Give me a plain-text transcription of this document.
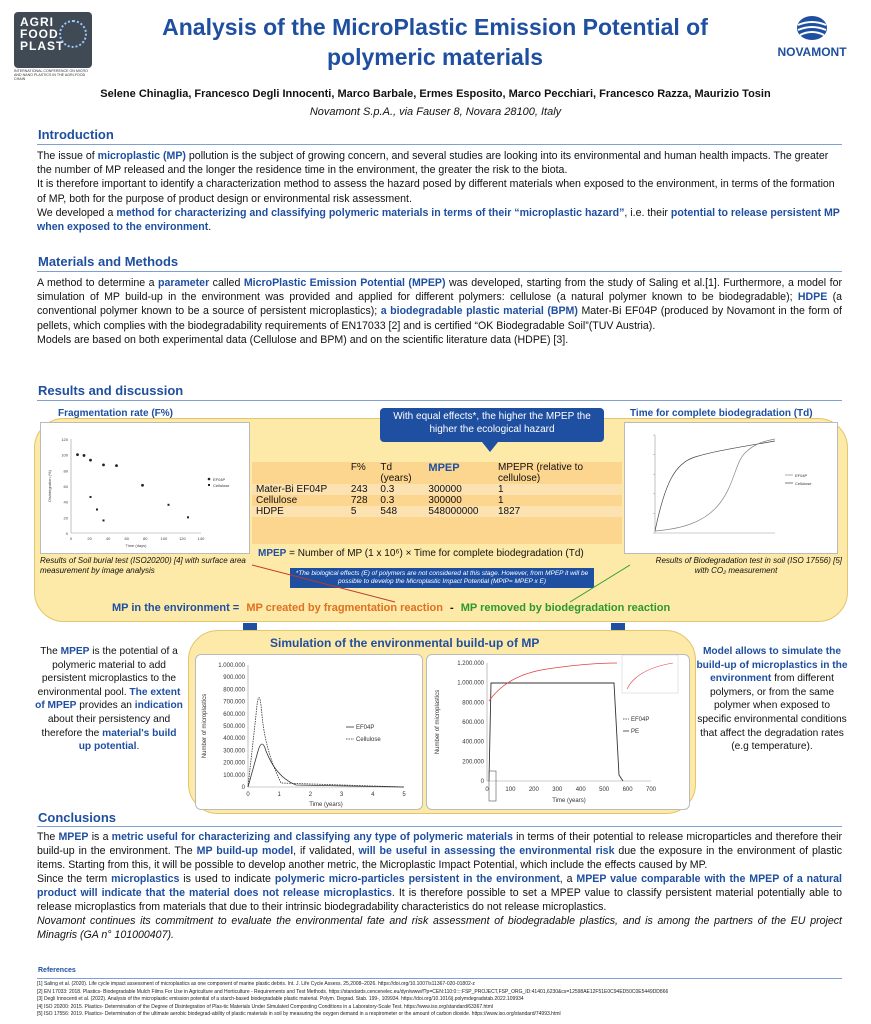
AGRI
FOOD
PLAST
INTERNATIONAL CONFERENCE ON MICRO AND NANO PLASTICS IN THE AGRI-FOOD CHAIN
Analysis of the MicroPlastic Emission Potential of
polymeric materials	NOVAMONT
Selene Chinaglia, Francesco Degli Innocenti, Marco Barbale, Ermes Esposito, Marco Pecchiari, Francesco Razza, Maurizio Tosin
Novamont S.p.A., via Fauser 8, Novara 28100, Italy
Introduction

The issue of microplastic (MP) pollution is the subject of growing concern, and several studies are looking into its environmental and human health impacts. The greater the number of MP released and the longer the residence time in the environment, the greater the risk to the biota.

It is therefore important to identify a characterization method to assess the hazard posed by different materials when exposed to the environment, in terms of the formation of MP, both for the purpose of product design or environmental risk assessment.

We developed a method for characterizing and classifying polymeric materials in terms of their “microplastic hazard”, i.e. their potential to release persistent MP when exposed to the environment.

Materials and Methods

A method to determine a parameter called MicroPlastic Emission Potential (MPEP) was developed, starting from the study of Saling et al.[1]. Furthermore, a model for simulation of MP build-up in the environment was provided and applied for different polymers: cellulose (a natural polymer known to be biodegradable); HDPE (a conventional polymer known to be a source of persistent microplastics); a biodegradable plastic material (BPM) Mater-Bi EF04P (produced by Novamont in the form of pellets, which complies with the biodegradability requirements of EN17033 [2] and is certified “OK Biodegradable Soil”(TUV Austria).

Models are based on both experimental data (Cellulose and BPM) and on the scientific literature data (HDPE) [3].

Results and discussion
Fragmentation rate (F%)
120
100
80
60
40
20
0
0	20	40	60	80	100	120	140
Time (days)
Disintegration (%)	EF04P
Cellulose
Results of Soil burial test (ISO20200) [4] with surface area measurement by image analysis
With equal effects*, the higher the MPEP the higher the ecological hazard
	F%	Td (years)	MPEP	MPEPR (relative to cellulose)
Mater-Bi EF04P	243	0.3	300000	1
Cellulose	728	0.3	300000	1
HDPE	5	548	548000000	1827
MPEP = Number of MP (1 x 10⁶) × Time for complete biodegradation (Td)
*The biological effects (E) of polymers are not considered at this stage. However, from MPEP it will be possible to develop the Microplastic Impact Potential (MPIP= MPEP x E)
Time for complete biodegradation (Td)
EF04P
Cellulose
Results of Biodegradation test in soil (ISO 17556) [5]
with CO₂ measurement
MP in the environment = MP created by fragmentation reaction - MP removed by biodegradation reaction
Simulation of the environmental build-up of MP
1.000.000
900.000
800.000
700.000
600.000
500.000
400.000
300.000
200.000
100.000
0
0	1	2	3	4	5
Time (years)
Number of microplastics	EF04P
Cellulose
1.200.000
1.000.000
800.000
600.000
400.000
200.000
0
0	100 200 300 400 500 600 700
Time (years)
Number of microplastics	EF04P
PE
The MPEP is the potential of a polymeric material to add persistent microplastics to the environmental pool. The extent of MPEP provides an indication about their persistency and therefore the material's build up potential.
Model allows to simulate the build-up of microplastics in the environment from different polymers, or from the same polymer when exposed to specific environmental conditions that affect the degradation rates (e.g temperature).
Conclusions

The MPEP is a metric useful for characterizing and classifying any type of polymeric materials in terms of their potential to release microparticles and therefore their build-up in the environment. The MP build-up model, if validated, will be useful in assessing the environmental risk due the exposure in the environment of plastic items. Starting from this, it will be possible to develop another metric, the Microplastic Impact Potential, which include the effects caused by MP.

Since the term microplastics is used to indicate polymeric micro-particles persistent in the environment, a MPEP value comparable with the MPEP of a natural product will indicate that the material does not release microplastics. It is therefore possible to set a MPEP value to classify persistent material potentially able to release microplastics from materials that due to their intrinsic biodegradability characteristics do not release microplastics.

Novamont continues its commitment to evaluate the environmental fate and risk assessment of biodegradable plastics, and is among the partners of the EU project Minagris (GA n° 101000407).

References
[1] Saling et al. (2020). Life cycle impact assessment of microplastics as one component of marine plastic debris. Int. J. Life Cycle Assess. 25,2008–2026. https://doi.org/10.1007/s11367-020-01802-z
[2] EN 17033: 2018. Plastics- Biodegradable Mulch Films For Use in Agriculture and Horticulture - Requirements and Test Methods. https://standards.cencenelec.eu/dyn/www/f?p=CEN:110:0::::FSP_PROJECT,FSP_ORG_ID:41401,6230&cs=12598AE12F51E0C94ED50C0E5449DD866
[3] Degli Innocenti et al. (2022). Analysis of the microplastic emission potential of a starch-based biodegradable plastic material. Polym. Degrad. Stab. 199-, 109934. https://doi.org/10.1016/j.polymdegradstab.2022.109934
[4] ISO 20200: 2015. Plastics- Determination of the Degree of Disintegration of Plas-tic Materials Under Simulated Composting Conditions in a Laboratory-Scale Test. https://www.iso.org/standard/63367.html
[5] ISO 17556: 2019. Plastics- Determination of the ultimate aerobic biodegrad-ability of plastic materials in soil by measuring the oxygen demand in a respirometer or the amount of carbon dioxide. https://www.iso.org/standard/74993.html
